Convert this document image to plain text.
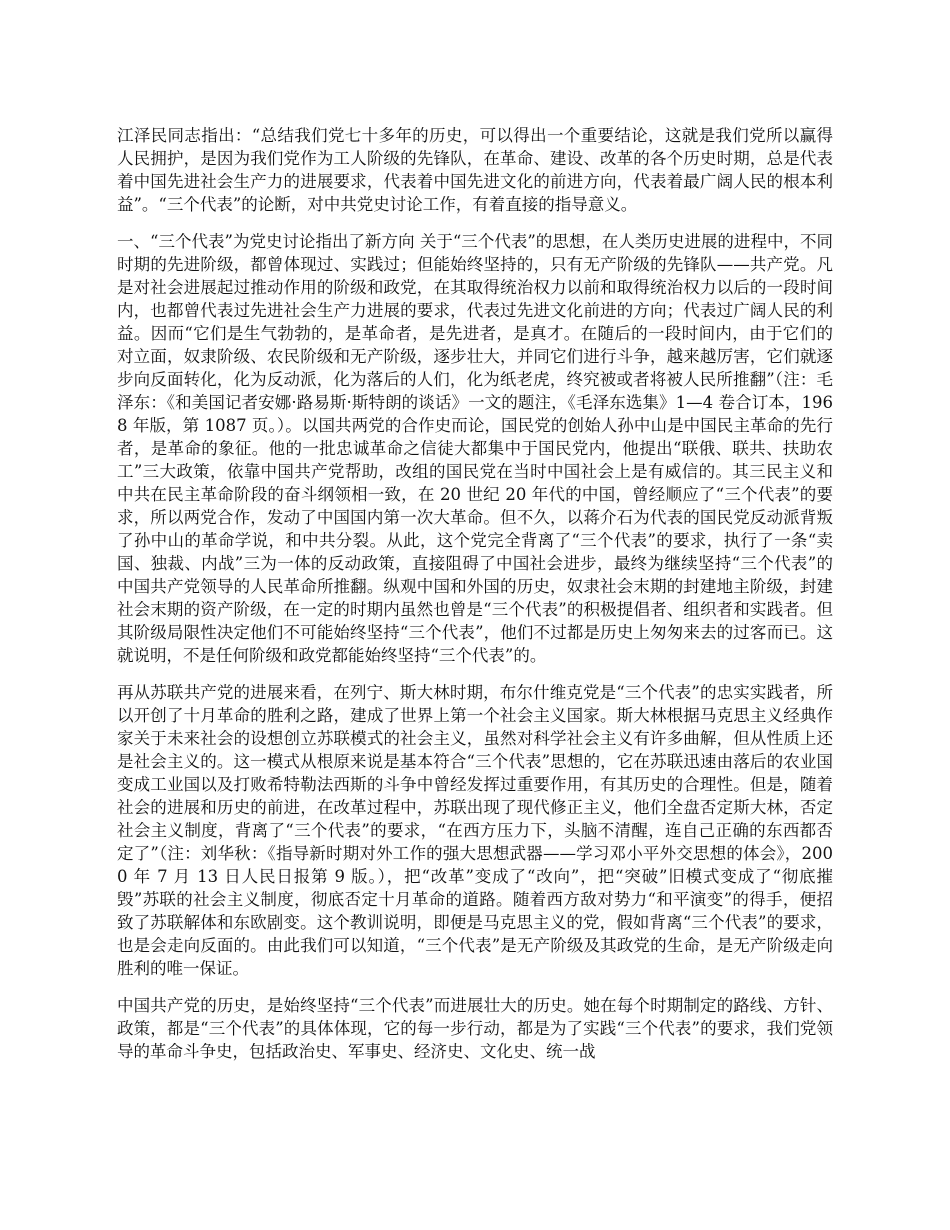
江泽民同志指出：“总结我们党七十多年的历史，可以得出一个重要结论，这就是我们党所以赢得人民拥护，是因为我们党作为工人阶级的先锋队，在革命、建设、改革的各个历史时期，总是代表着中国先进社会生产力的进展要求，代表着中国先进文化的前进方向，代表着最广阔人民的根本利益”。“三个代表”的论断，对中共党史讨论工作，有着直接的指导意义。

一、“三个代表”为党史讨论指出了新方向 关于“三个代表”的思想，在人类历史进展的进程中，不同时期的先进阶级，都曾体现过、实践过；但能始终坚持的，只有无产阶级的先锋队——共产党。凡是对社会进展起过推动作用的阶级和政党，在其取得统治权力以前和取得统治权力以后的一段时间内，也都曾代表过先进社会生产力进展的要求，代表过先进文化前进的方向；代表过广阔人民的利益。因而“它们是生气勃勃的，是革命者，是先进者，是真才。在随后的一段时间内，由于它们的对立面，奴隶阶级、农民阶级和无产阶级，逐步壮大，并同它们进行斗争，越来越厉害，它们就逐步向反面转化，化为反动派，化为落后的人们，化为纸老虎，终究被或者将被人民所推翻”（注：毛泽东：《和美国记者安娜·路易斯·斯特朗的谈话》一文的题注，《毛泽东选集》1—4 卷合订本，1968 年版，第 1087 页。）。以国共两党的合作史而论，国民党的创始人孙中山是中国民主革命的先行者，是革命的象征。他的一批忠诚革命之信徒大都集中于国民党内，他提出“联俄、联共、扶助农工”三大政策，依靠中国共产党帮助，改组的国民党在当时中国社会上是有威信的。其三民主义和中共在民主革命阶段的奋斗纲领相一致，在 20 世纪 20 年代的中国，曾经顺应了“三个代表”的要求，所以两党合作，发动了中国国内第一次大革命。但不久，以蒋介石为代表的国民党反动派背叛了孙中山的革命学说，和中共分裂。从此，这个党完全背离了“三个代表”的要求，执行了一条“卖国、独裁、内战”三为一体的反动政策，直接阻碍了中国社会进步，最终为继续坚持“三个代表”的中国共产党领导的人民革命所推翻。纵观中国和外国的历史，奴隶社会末期的封建地主阶级，封建社会末期的资产阶级，在一定的时期内虽然也曾是“三个代表”的积极提倡者、组织者和实践者。但其阶级局限性决定他们不可能始终坚持“三个代表”，他们不过都是历史上匆匆来去的过客而已。这就说明，不是任何阶级和政党都能始终坚持“三个代表”的。

再从苏联共产党的进展来看，在列宁、斯大林时期，布尔什维克党是“三个代表”的忠实实践者，所以开创了十月革命的胜利之路，建成了世界上第一个社会主义国家。斯大林根据马克思主义经典作家关于未来社会的设想创立苏联模式的社会主义，虽然对科学社会主义有许多曲解，但从性质上还是社会主义的。这一模式从根原来说是基本符合“三个代表”思想的，它在苏联迅速由落后的农业国变成工业国以及打败希特勒法西斯的斗争中曾经发挥过重要作用，有其历史的合理性。但是，随着社会的进展和历史的前进，在改革过程中，苏联出现了现代修正主义，他们全盘否定斯大林，否定社会主义制度，背离了“三个代表”的要求，“在西方压力下，头脑不清醒，连自己正确的东西都否定了”（注：刘华秋：《指导新时期对外工作的强大思想武器——学习邓小平外交思想的体会》，2000 年 7 月 13 日人民日报第 9 版。），把“改革”变成了“改向”，把“突破”旧模式变成了“彻底摧毁”苏联的社会主义制度，彻底否定十月革命的道路。随着西方敌对势力“和平演变”的得手，便招致了苏联解体和东欧剧变。这个教训说明，即便是马克思主义的党，假如背离“三个代表”的要求，也是会走向反面的。由此我们可以知道，“三个代表”是无产阶级及其政党的生命，是无产阶级走向胜利的唯一保证。

中国共产党的历史，是始终坚持“三个代表”而进展壮大的历史。她在每个时期制定的路线、方针、政策，都是“三个代表”的具体体现，它的每一步行动，都是为了实践“三个代表”的要求，我们党领导的革命斗争史，包括政治史、军事史、经济史、文化史、统一战
